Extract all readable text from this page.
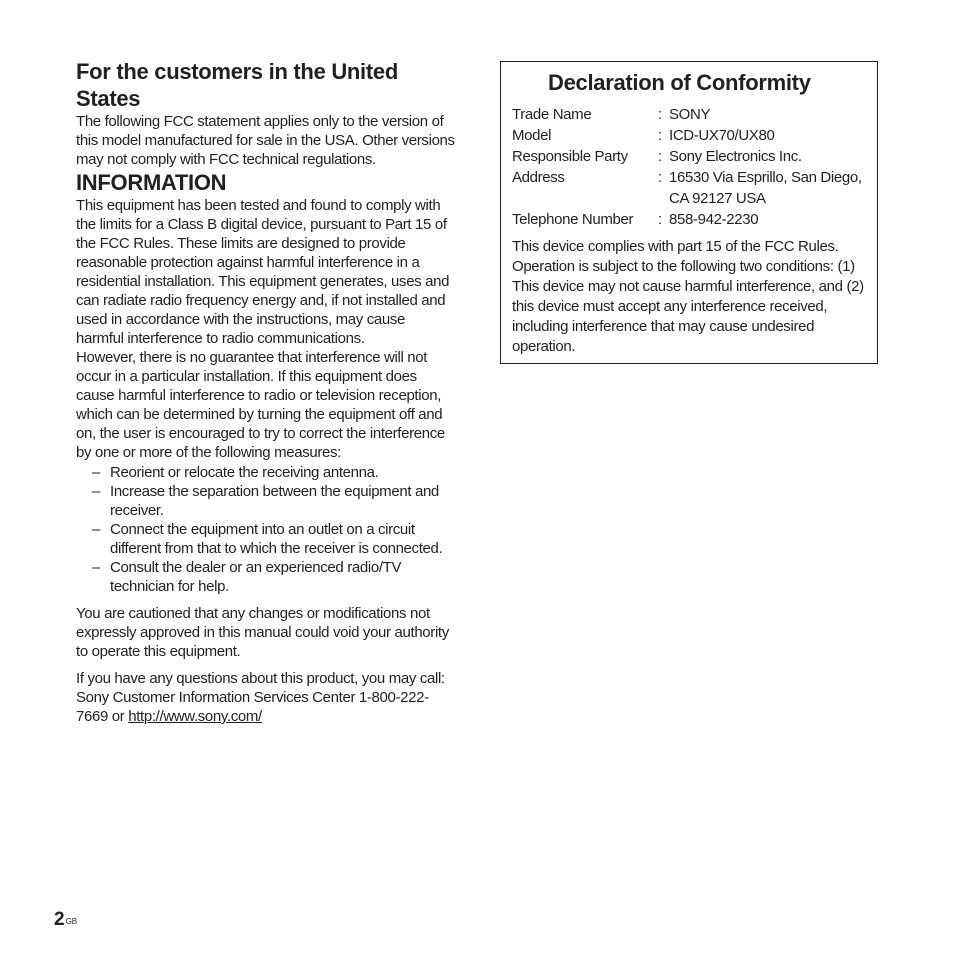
For the customers in the United States

The following FCC statement applies only to the version of this model manufactured for sale in the USA. Other versions may not comply with FCC technical regulations.

INFORMATION

This equipment has been tested and found to comply with the limits for a Class B digital device, pursuant to Part 15 of the FCC Rules. These limits are designed to provide reasonable protection against harmful interference in a residential installation. This equipment generates, uses and can radiate radio frequency energy and, if not installed and used in accordance with the instructions, may cause harmful interference to radio communications.

However, there is no guarantee that interference will not occur in a particular installation. If this equipment does cause harmful interference to radio or television reception, which can be determined by turning the equipment off and on, the user is encouraged to try to correct the interference by one or more of the following measures:

– Reorient or relocate the receiving antenna.
– Increase the separation between the equipment and receiver.
– Connect the equipment into an outlet on a circuit different from that to which the receiver is connected.
– Consult the dealer or an experienced radio/TV technician for help.

You are cautioned that any changes or modifications not expressly approved in this manual could void your authority to operate this equipment.

If you have any questions about this product, you may call: Sony Customer Information Services Center 1-800-222-7669 or http://www.sony.com/

Declaration of Conformity
Trade Name	:	SONY
Model	:	ICD-UX70/UX80
Responsible Party	:	Sony Electronics Inc.
Address	:	16530 Via Esprillo, San Diego,
CA 92127 USA
Telephone Number	:	858-942-2230

This device complies with part 15 of the FCC Rules. Operation is subject to the following two conditions: (1) This device may not cause harmful interference, and (2) this device must accept any interference received, including interference that may cause undesired operation.

$2^{GB}$
